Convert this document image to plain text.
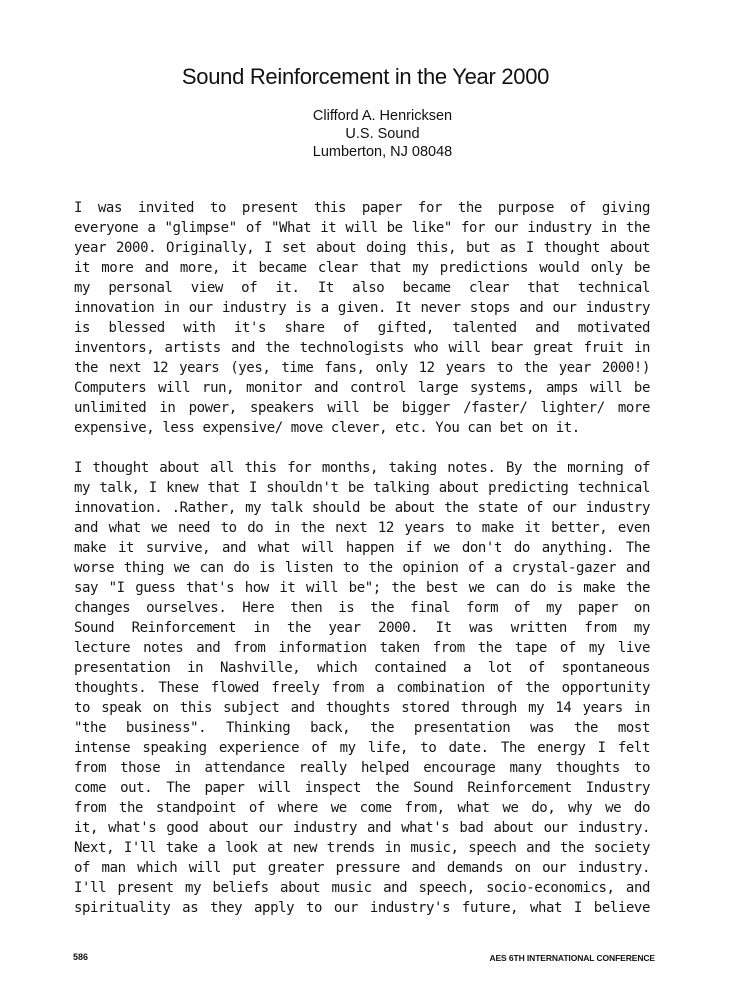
Sound Reinforcement in the Year 2000
Clifford A. Henricksen
U.S. Sound
Lumberton, NJ 08048
I was invited to present this paper for the purpose of giving
everyone a "glimpse" of "What it will be like" for our industry in the
year 2000. Originally, I set about doing this, but as I thought about
it more and more, it became clear that my predictions would only be
my personal view of it. It also became clear that technical
innovation in our industry is a given. It never stops and our industry
is blessed with it's share of gifted, talented and motivated
inventors, artists and the technologists who will bear great fruit in
the next 12 years (yes, time fans, only 12 years to the year 2000!)
Computers will run, monitor and control large systems, amps will be
unlimited in power, speakers will be bigger /faster/ lighter/ more
expensive, less expensive/ move clever, etc. You can bet on it.
I thought about all this for months, taking notes. By the morning of
my talk, I knew that I shouldn't be talking about predicting technical
innovation. .Rather, my talk should be about the state of our industry
and what we need to do in the next 12 years to make it better, even
make it survive, and what will happen if we don't do anything. The
worse thing we can do is listen to the opinion of a crystal-gazer and
say "I guess that's how it will be"; the best we can do is make the
changes ourselves. Here then is the final form of my paper on
Sound Reinforcement in the year 2000. It was written from my
lecture notes and from information taken from the tape of my live
presentation in Nashville, which contained a lot of spontaneous
thoughts. These flowed freely from a combination of the opportunity
to speak on this subject and thoughts stored through my 14 years in
"the business". Thinking back, the presentation was the most
intense speaking experience of my life, to date. The energy I felt
from those in attendance really helped encourage many thoughts to
come out. The paper will inspect the Sound Reinforcement Industry
from the standpoint of where we come from, what we do, why we do
it, what's good about our industry and what's bad about our industry.
Next, I'll take a look at new trends in music, speech and the society
of man which will put greater pressure and demands on our industry.
I'll present my beliefs about music and speech, socio-economics, and
spirituality as they apply to our industry's future, what I believe
586	AES 6TH INTERNATIONAL CONFERENCE
